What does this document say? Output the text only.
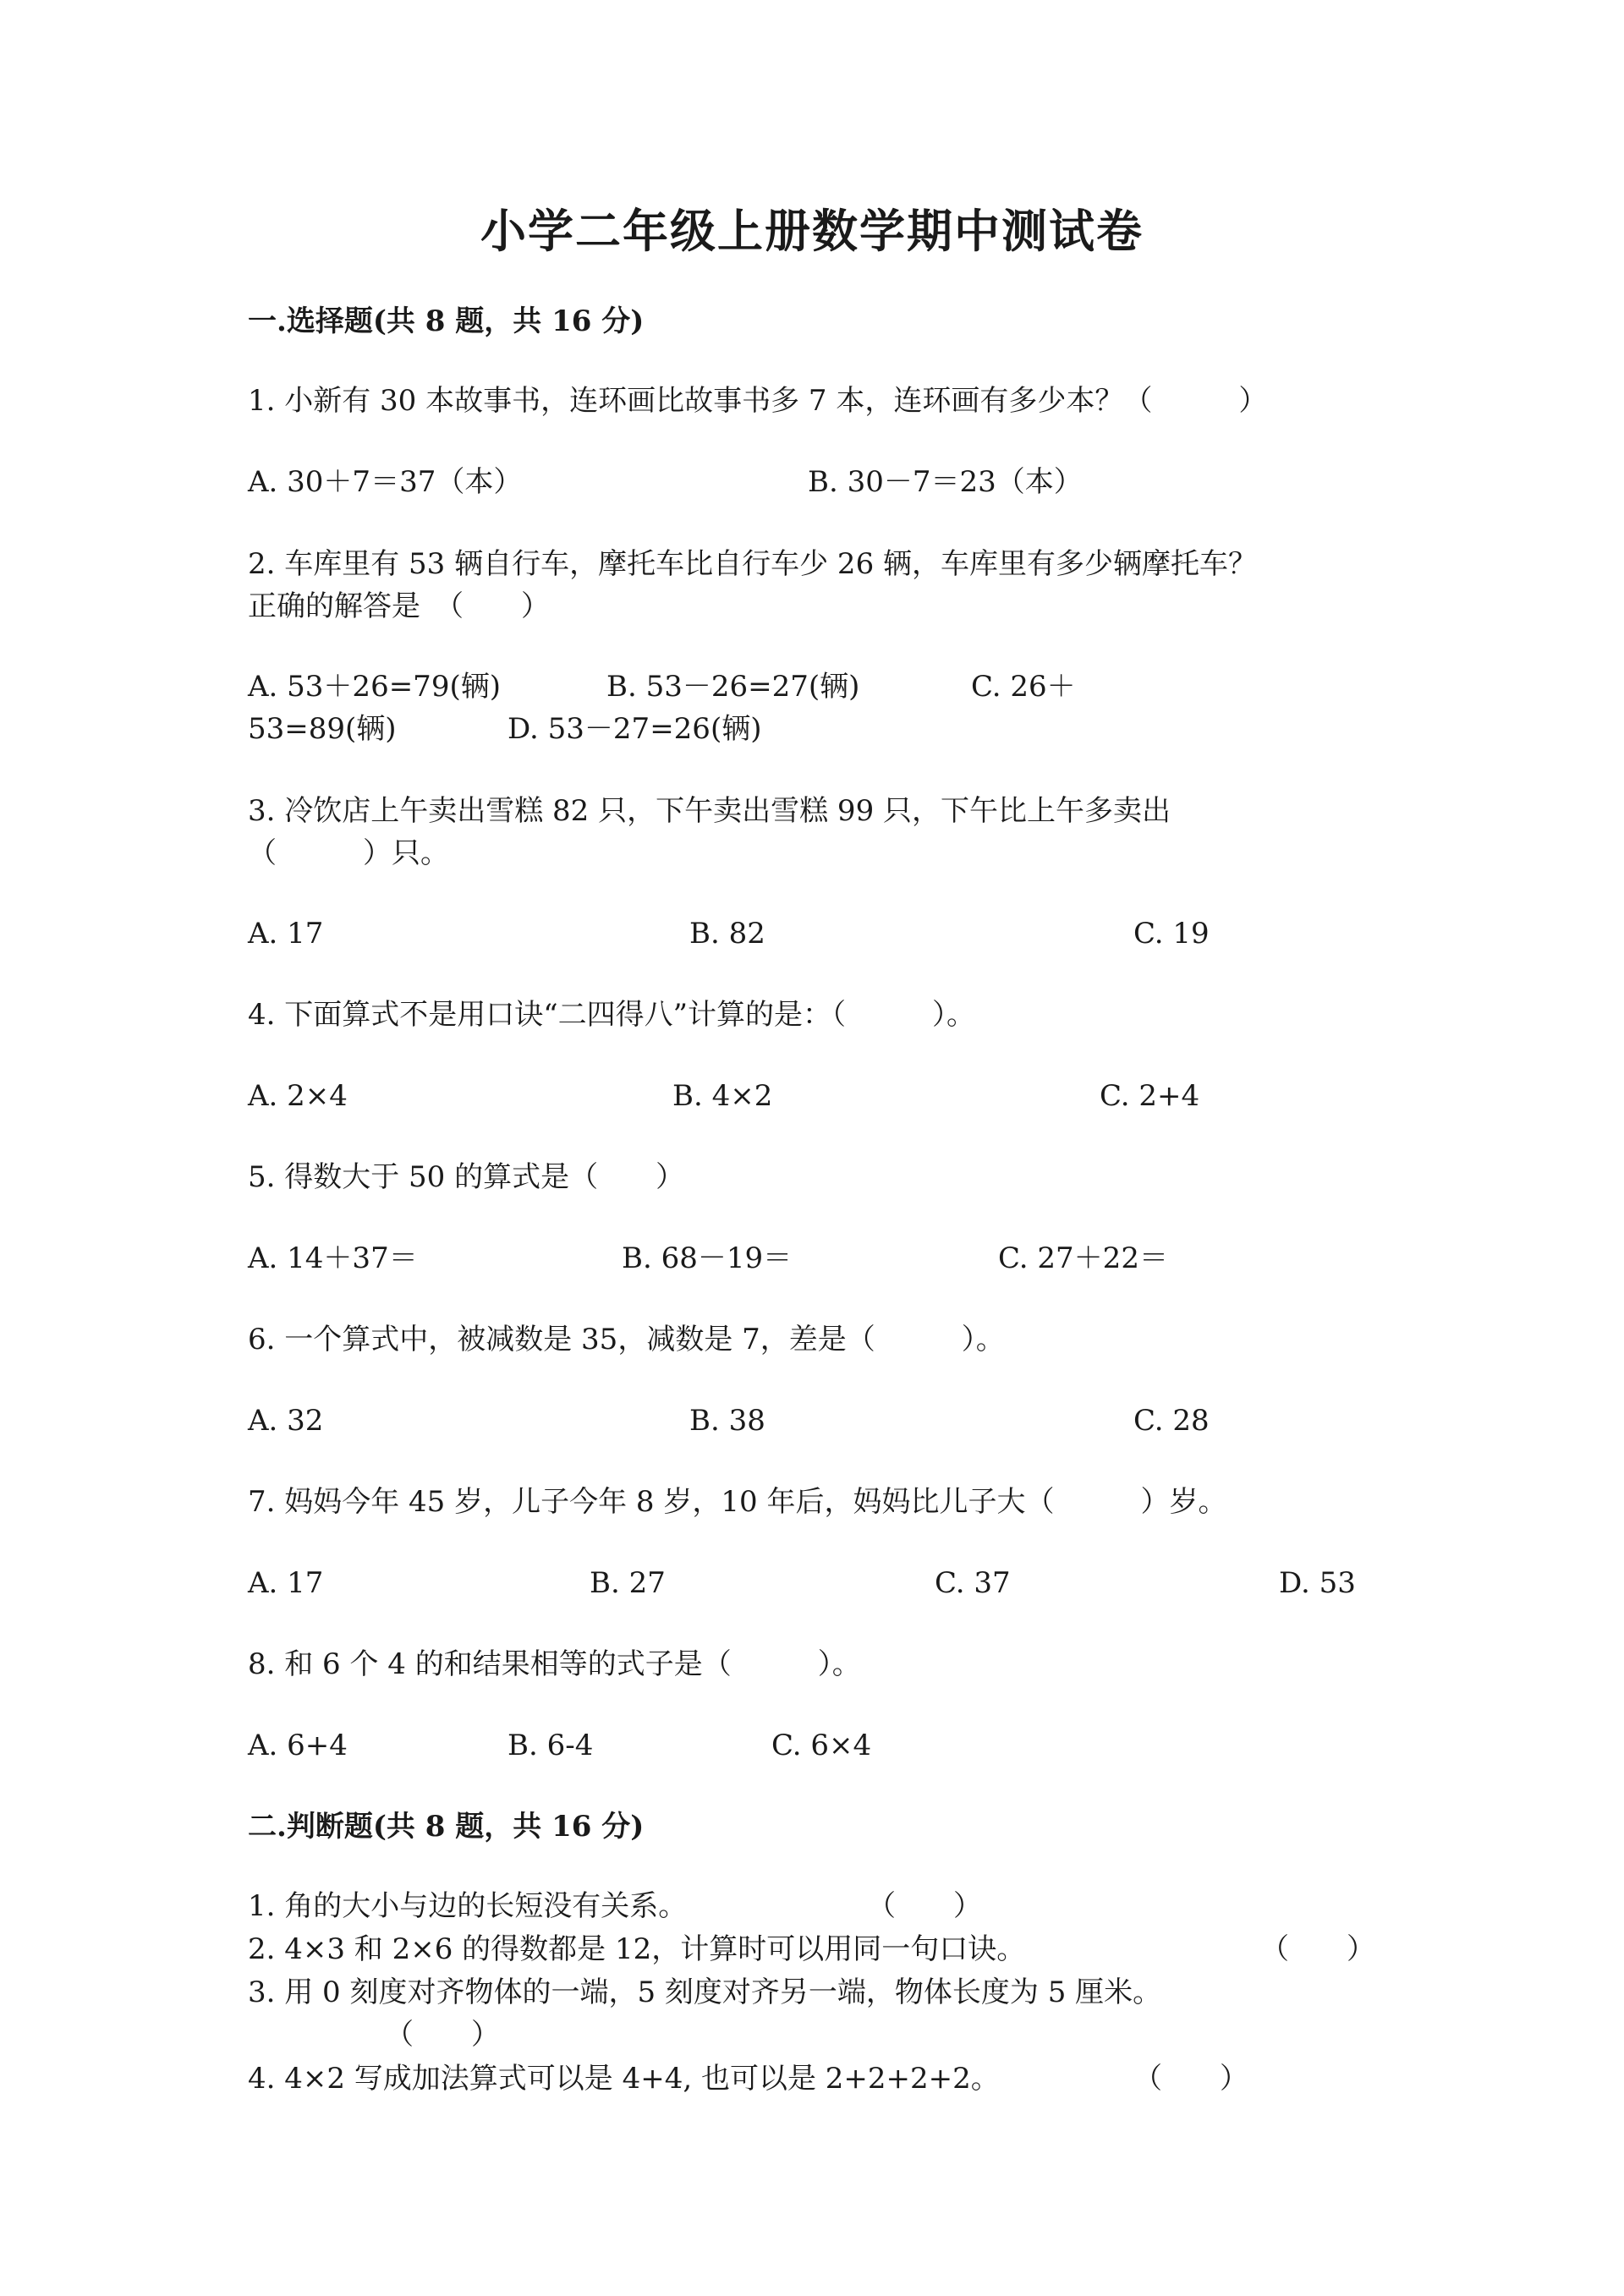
小学二年级上册数学期中测试卷
一.选择题(共 8 题，共 16 分)
1. 小新有 30 本故事书，连环画比故事书多 7 本，连环画有多少本？（　　　）
A. 30＋7＝37（本）	B. 30－7＝23（本）
2. 车库里有 53 辆自行车，摩托车比自行车少 26 辆，车库里有多少辆摩托车？
正确的解答是　（　　）
A. 53＋26=79(辆)	B. 53－26=27(辆)	C. 26＋
53=89(辆)	D. 53－27=26(辆)
3. 冷饮店上午卖出雪糕 82 只，下午卖出雪糕 99 只，下午比上午多卖出
（　　　）只。
A. 17	B. 82	C. 19
4. 下面算式不是用口诀“二四得八”计算的是：（　　　）。
A. 2×4	B. 4×2	C. 2+4
5. 得数大于 50 的算式是（　　）
A. 14＋37＝	B. 68－19＝	C. 27＋22＝
6. 一个算式中，被减数是 35，减数是 7，差是（　　　）。
A. 32	B. 38	C. 28
7. 妈妈今年 45 岁，儿子今年 8 岁，10 年后，妈妈比儿子大（　　　）岁。
A. 17	B. 27	C. 37	D. 53
8. 和 6 个 4 的和结果相等的式子是（　　　）。
A. 6+4	B. 6-4	C. 6×4
二.判断题(共 8 题，共 16 分)
1. 角的大小与边的长短没有关系。	（　　）
2. 4×3 和 2×6 的得数都是 12，计算时可以用同一句口诀。	（　　）
3. 用 0 刻度对齐物体的一端，5 刻度对齐另一端，物体长度为 5 厘米。
（　　）
4. 4×2 写成加法算式可以是 4+4, 也可以是 2+2+2+2。	（　　）
